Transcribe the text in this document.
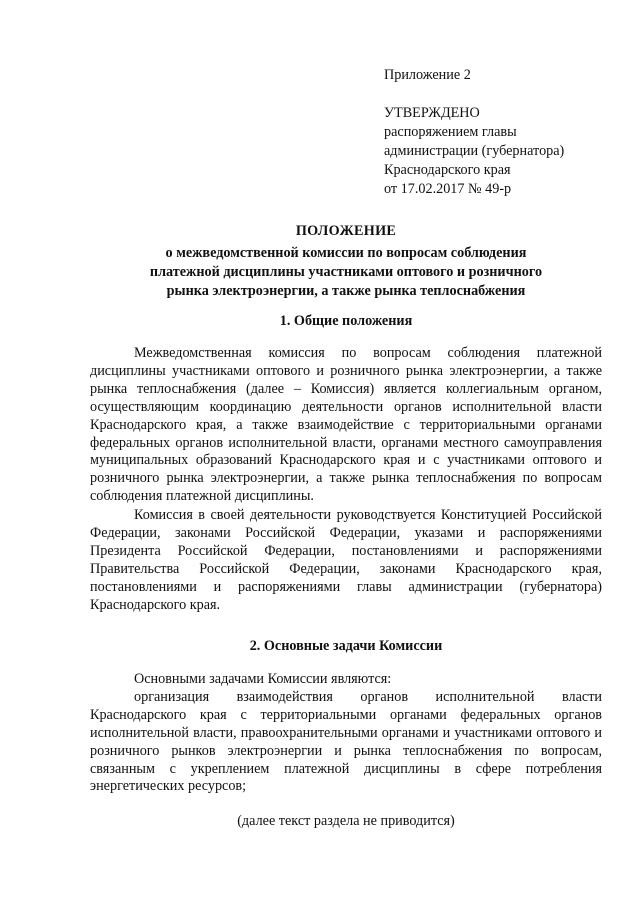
Приложение 2
УТВЕРЖДЕНО
распоряжением главы
администрации (губернатора)
Краснодарского края
от 17.02.2017 № 49-р
ПОЛОЖЕНИЕ
о межведомственной комиссии по вопросам соблюдения
платежной дисциплины участниками оптового и розничного
рынка электроэнергии, а также рынка теплоснабжения
1. Общие положения

Межведомственная комиссия по вопросам соблюдения платежной дисциплины участниками оптового и розничного рынка электроэнергии, а также рынка теплоснабжения (далее – Комиссия) является коллегиальным органом, осуществляющим координацию деятельности органов исполнительной власти Краснодарского края, а также взаимодействие с территориальными органами федеральных органов исполнительной власти, органами местного самоуправления муниципальных образований Краснодарского края и с участниками оптового и розничного рынка электроэнергии, а также рынка теплоснабжения по вопросам соблюдения платежной дисциплины.

Комиссия в своей деятельности руководствуется Конституцией Российской Федерации, законами Российской Федерации, указами и распоряжениями Президента Российской Федерации, постановлениями и распоряжениями Правительства Российской Федерации, законами Краснодарского края, постановлениями и распоряжениями главы администрации (губернатора) Краснодарского края.

2. Основные задачи Комиссии

Основными задачами Комиссии являются:

организация взаимодействия органов исполнительной власти Краснодарского края с территориальными органами федеральных органов исполнительной власти, правоохранительными органами и участниками оптового и розничного рынков электроэнергии и рынка теплоснабжения по вопросам, связанным с укреплением платежной дисциплины в сфере потребления энергетических ресурсов;

(далее текст раздела не приводится)
